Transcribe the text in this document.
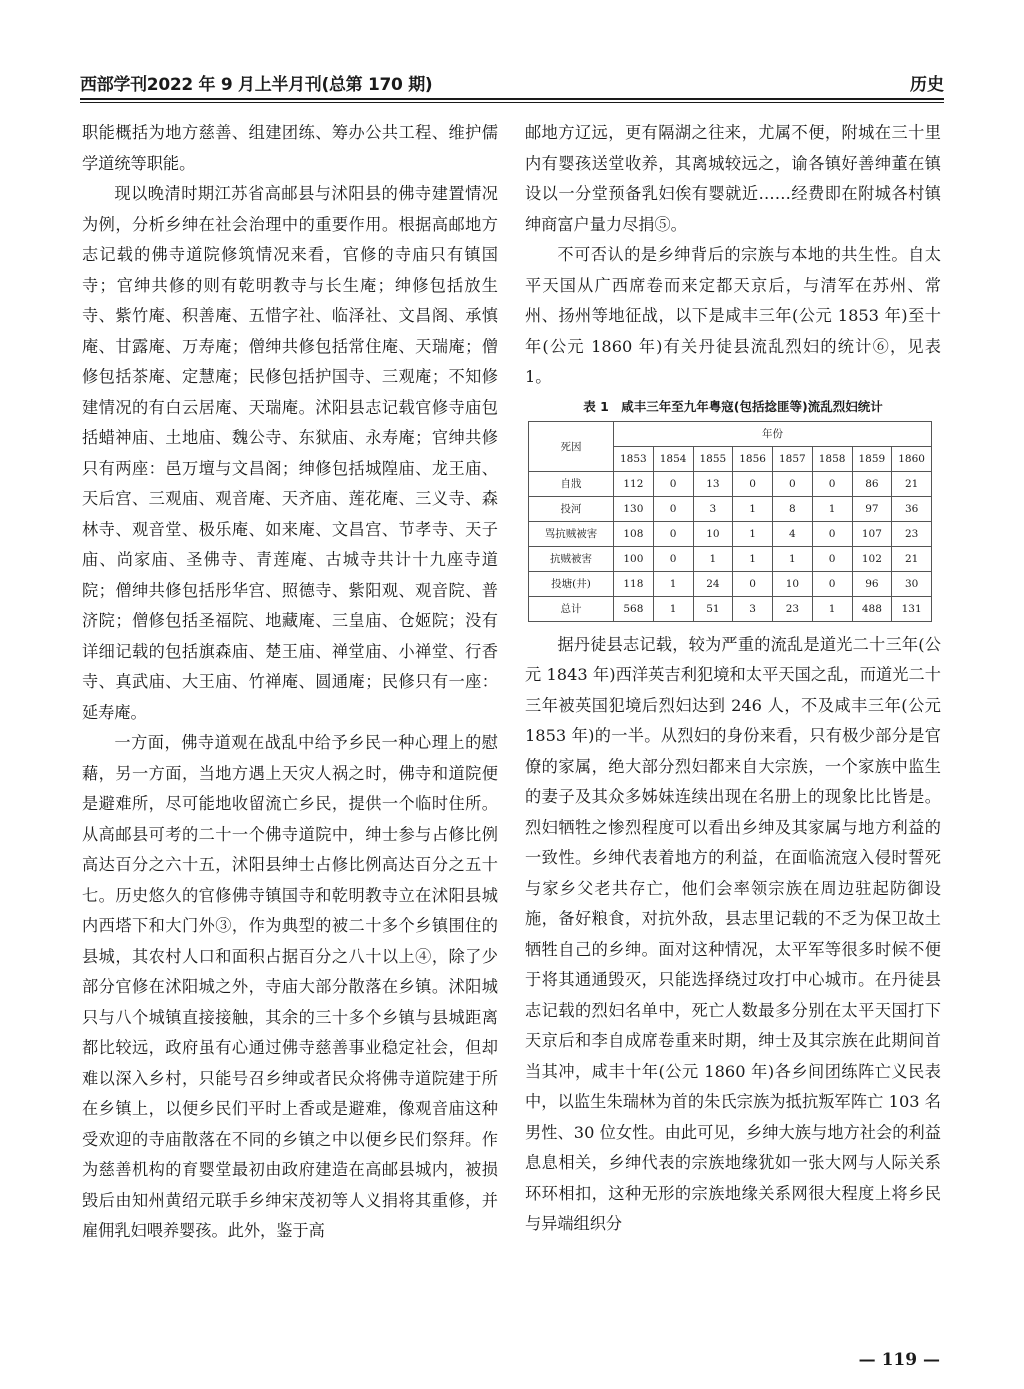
西部学刊2022 年 9 月上半月刊(总第 170 期)	历史

职能概括为地方慈善、组建团练、筹办公共工程、维护儒学道统等职能。

现以晚清时期江苏省高邮县与沭阳县的佛寺建置情况为例，分析乡绅在社会治理中的重要作用。根据高邮地方志记载的佛寺道院修筑情况来看，官修的寺庙只有镇国寺；官绅共修的则有乾明教寺与长生庵；绅修包括放生寺、紫竹庵、积善庵、五惜字社、临泽社、文昌阁、承慎庵、甘露庵、万寿庵；僧绅共修包括常住庵、天瑞庵；僧修包括茶庵、定慧庵；民修包括护国寺、三观庵；不知修建情况的有白云居庵、天瑞庵。沭阳县志记载官修寺庙包括蜡神庙、土地庙、魏公寺、东狱庙、永寿庵；官绅共修只有两座：邑万壇与文昌阁；绅修包括城隍庙、龙王庙、天后宫、三观庙、观音庵、天齐庙、莲花庵、三义寺、森林寺、观音堂、极乐庵、如来庵、文昌宫、节孝寺、天子庙、尚家庙、圣佛寺、青莲庵、古城寺共计十九座寺道院；僧绅共修包括彤华宫、照德寺、紫阳观、观音院、普济院；僧修包括圣福院、地藏庵、三皇庙、仓姬院；没有详细记载的包括旗森庙、楚王庙、禅堂庙、小禅堂、行香寺、真武庙、大王庙、竹禅庵、圆通庵；民修只有一座：延寿庵。

一方面，佛寺道观在战乱中给予乡民一种心理上的慰藉，另一方面，当地方遇上天灾人祸之时，佛寺和道院便是避难所，尽可能地收留流亡乡民，提供一个临时住所。从高邮县可考的二十一个佛寺道院中，绅士参与占修比例高达百分之六十五，沭阳县绅士占修比例高达百分之五十七。历史悠久的官修佛寺镇国寺和乾明教寺立在沭阳县城内西塔下和大门外③，作为典型的被二十多个乡镇围住的县城，其农村人口和面积占据百分之八十以上④，除了少部分官修在沭阳城之外，寺庙大部分散落在乡镇。沭阳城只与八个城镇直接接触，其余的三十多个乡镇与县城距离都比较远，政府虽有心通过佛寺慈善事业稳定社会，但却难以深入乡村，只能号召乡绅或者民众将佛寺道院建于所在乡镇上，以便乡民们平时上香或是避难，像观音庙这种受欢迎的寺庙散落在不同的乡镇之中以便乡民们祭拜。作为慈善机构的育婴堂最初由政府建造在高邮县城内，被损毁后由知州黄绍元联手乡绅宋茂初等人义捐将其重修，并雇佣乳妇喂养婴孩。此外，鉴于高

邮地方辽远，更有隔湖之往来，尤属不便，附城在三十里内有婴孩送堂收养，其离城较远之，谕各镇好善绅董在镇设以一分堂预备乳妇俟有婴就近……经费即在附城各村镇绅商富户量力尽捐⑤。

不可否认的是乡绅背后的宗族与本地的共生性。自太平天国从广西席卷而来定都天京后，与清军在苏州、常州、扬州等地征战，以下是咸丰三年(公元 1853 年)至十年(公元 1860 年)有关丹徒县流乱烈妇的统计⑥，见表 1。

表 1　咸丰三年至九年粤寇(包括捻匪等)流乱烈妇统计
死因	年份							
	1853	1854	1855	1856	1857	1858	1859	1860
自戕	112	0	13	0	0	0	86	21
投河	130	0	3	1	8	1	97	36
骂抗贼被害	108	0	10	1	4	0	107	23
抗贼被害	100	0	1	1	1	0	102	21
投塘(井)	118	1	24	0	10	0	96	30
总计	568	1	51	3	23	1	488	131

据丹徒县志记载，较为严重的流乱是道光二十三年(公元 1843 年)西洋英吉利犯境和太平天国之乱，而道光二十三年被英国犯境后烈妇达到 246 人，不及咸丰三年(公元 1853 年)的一半。从烈妇的身份来看，只有极少部分是官僚的家属，绝大部分烈妇都来自大宗族，一个家族中监生的妻子及其众多姊妹连续出现在名册上的现象比比皆是。烈妇牺牲之惨烈程度可以看出乡绅及其家属与地方利益的一致性。乡绅代表着地方的利益，在面临流寇入侵时誓死与家乡父老共存亡，他们会率领宗族在周边驻起防御设施，备好粮食，对抗外敌，县志里记载的不乏为保卫故土牺牲自己的乡绅。面对这种情况，太平军等很多时候不便于将其通通毁灭，只能选择绕过攻打中心城市。在丹徒县志记载的烈妇名单中，死亡人数最多分别在太平天国打下天京后和李自成席卷重来时期，绅士及其宗族在此期间首当其冲，咸丰十年(公元 1860 年)各乡间团练阵亡义民表中，以监生朱瑞林为首的朱氏宗族为抵抗叛军阵亡 103 名男性、30 位女性。由此可见，乡绅大族与地方社会的利益息息相关，乡绅代表的宗族地缘犹如一张大网与人际关系环环相扣，这种无形的宗族地缘关系网很大程度上将乡民与异端组织分

— 119 —
